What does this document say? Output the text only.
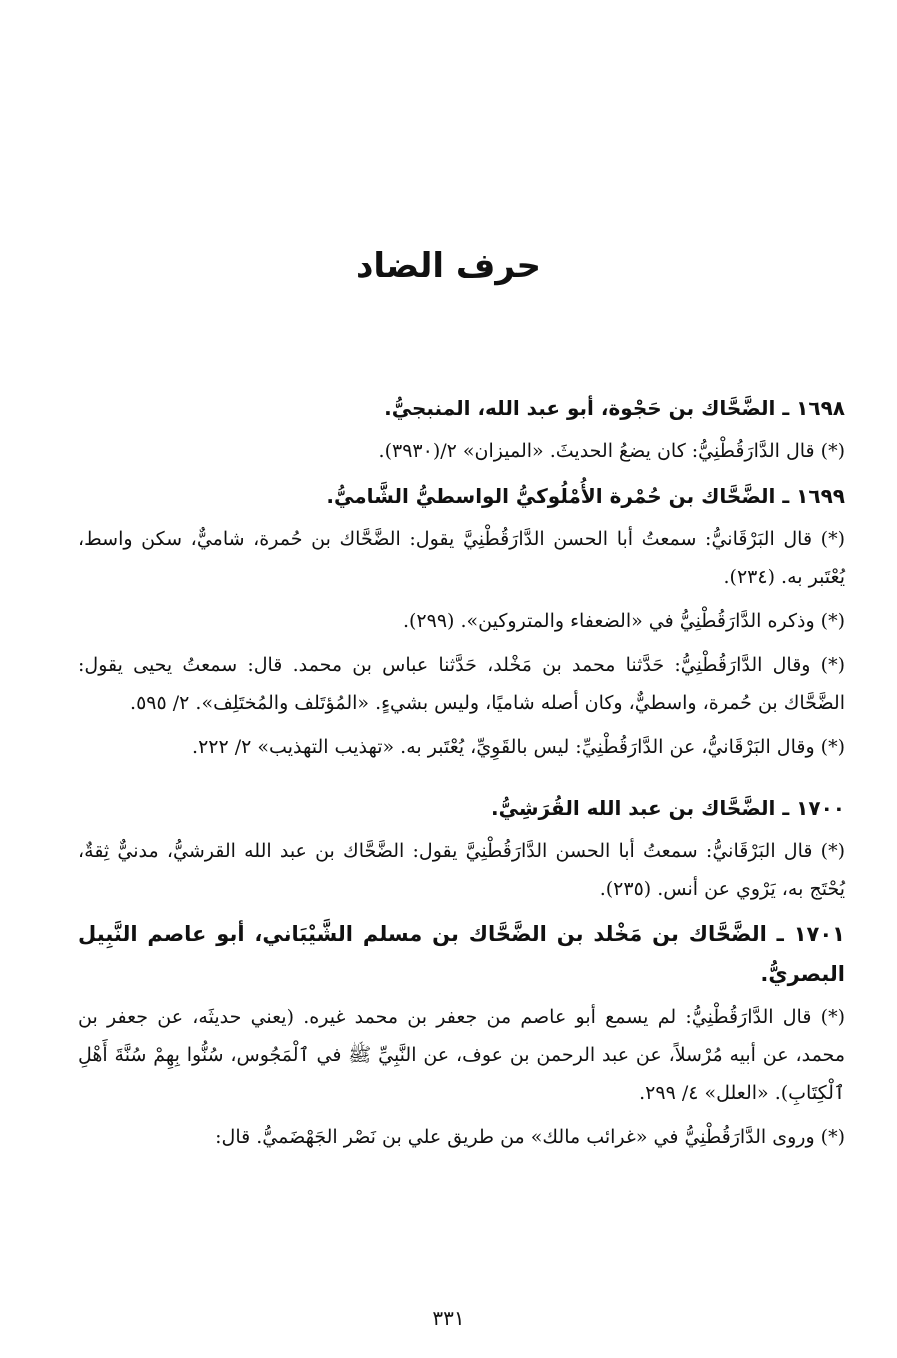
حرف الضاد

١٦٩٨ ـ الضَّحَّاك بن حَجْوة، أبو عبد الله، المنبجيُّ.

(*) قال الدَّارَقُطْنِيُّ: كان يضعُ الحديثَ. «الميزان» ٢/(٣٩٣٠).

١٦٩٩ ـ الضَّحَّاك بن حُمْرة الأُمْلُوكيُّ الواسطيُّ الشَّاميُّ.

(*) قال البَرْقَانيُّ: سمعتُ أبا الحسن الدَّارَقُطْنِيَّ يقول: الضَّحَّاك بن حُمرة، شاميٌّ، سكن واسط، يُعْتَبر به. (٢٣٤).

(*) وذكره الدَّارَقُطْنِيُّ في «الضعفاء والمتروكين». (٢٩٩).

(*) وقال الدَّارَقُطْنِيُّ: حَدَّثنا محمد بن مَخْلد، حَدَّثنا عباس بن محمد. قال: سمعتُ يحيى يقول: الضَّحَّاك بن حُمرة، واسطيٌّ، وكان أصله شاميًا، وليس بشيءٍ. «المُؤتَلف والمُختَلِف». ٢/ ٥٩٥.

(*) وقال البَرْقَانيُّ، عن الدَّارَقُطْنِيِّ: ليس بالقَوِيِّ، يُعْتَبر به. «تهذيب التهذيب» ٢/ ٢٢٢.

١٧٠٠ ـ الضَّحَّاك بن عبد الله القُرَشِيُّ.

(*) قال البَرْقَانيُّ: سمعتُ أبا الحسن الدَّارَقُطْنِيَّ يقول: الضَّحَّاك بن عبد الله القرشيُّ، مدنيٌّ ثِقةٌ، يُحْتَج به، يَرْوي عن أنس. (٢٣٥).

١٧٠١ ـ الضَّحَّاك بن مَخْلد بن الضَّحَّاك بن مسلم الشَّيْبَاني، أبو عاصم النَّبِيل البصريُّ.

(*) قال الدَّارَقُطْنِيُّ: لم يسمع أبو عاصم من جعفر بن محمد غيره. (يعني حديثَه، عن جعفر بن محمد، عن أبيه مُرْسلاً، عن عبد الرحمن بن عوف، عن النَّبِيِّ ﷺ في ٱلْمَجُوس، سُنُّوا بِهِمْ سُنَّةَ أَهْلِ ٱلْكِتَابِ). «العلل» ٤/ ٢٩٩.

(*) وروى الدَّارَقُطْنِيُّ في «غرائب مالك» من طريق علي بن نَصْر الجَهْضَميُّ. قال:

٣٣١
